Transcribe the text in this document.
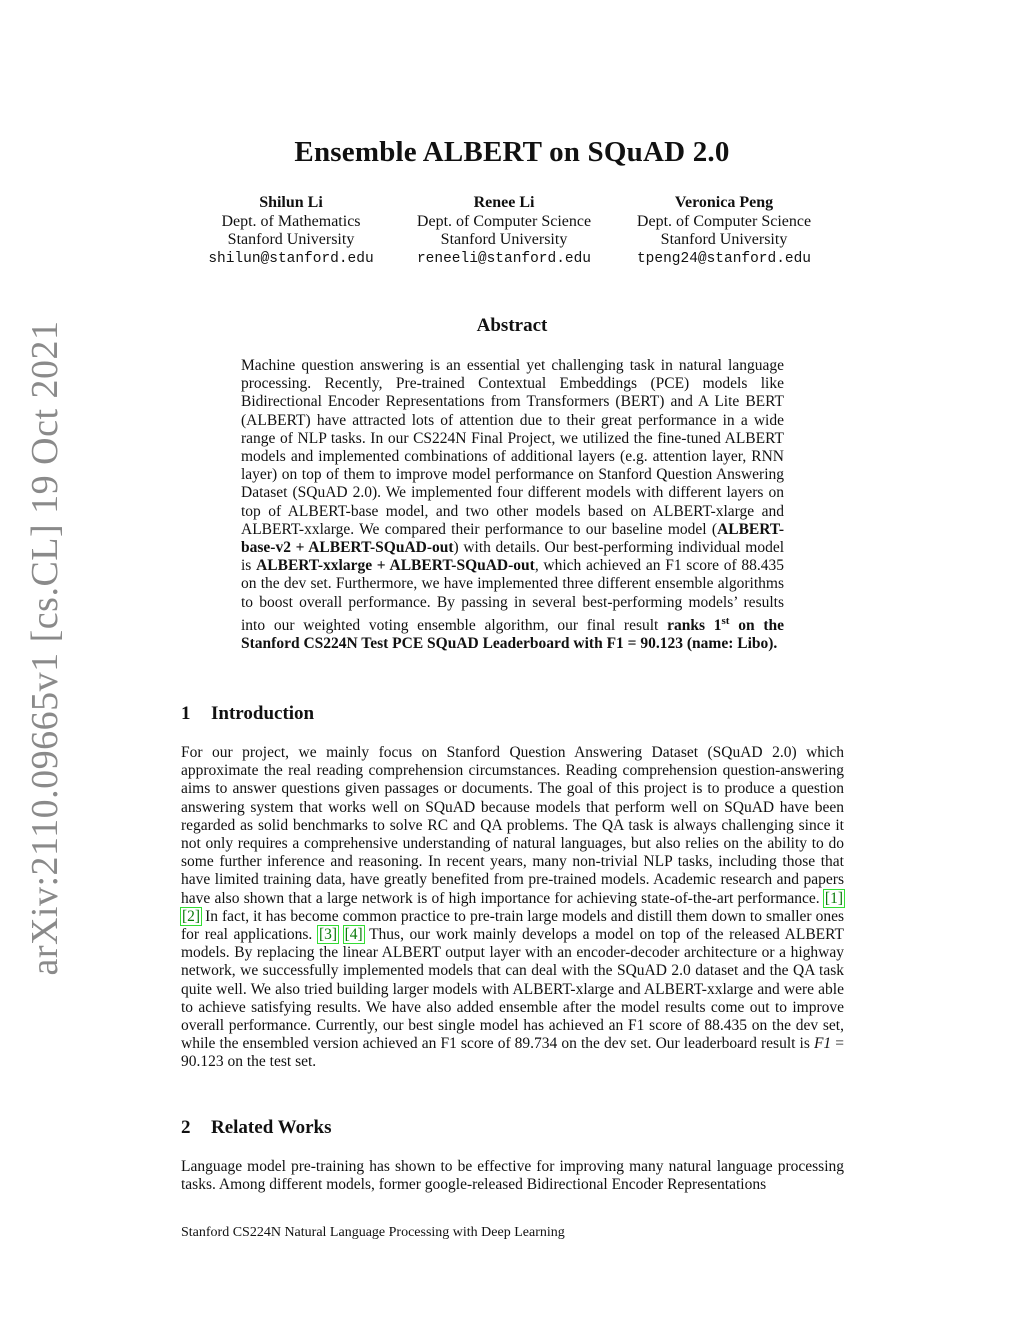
arXiv:2110.09665v1 [cs.CL] 19 Oct 2021
Ensemble ALBERT on SQuAD 2.0
Shilun Li
Dept. of Mathematics
Stanford University
shilun@stanford.edu
Renee Li
Dept. of Computer Science
Stanford University
reneeli@stanford.edu
Veronica Peng
Dept. of Computer Science
Stanford University
tpeng24@stanford.edu
Abstract
Machine question answering is an essential yet challenging task in natural language processing. Recently, Pre-trained Contextual Embeddings (PCE) models like Bidirectional Encoder Representations from Transformers (BERT) and A Lite BERT (ALBERT) have attracted lots of attention due to their great performance in a wide range of NLP tasks. In our CS224N Final Project, we utilized the fine-tuned ALBERT models and implemented combinations of additional layers (e.g. attention layer, RNN layer) on top of them to improve model performance on Stanford Question Answering Dataset (SQuAD 2.0). We implemented four different models with different layers on top of ALBERT-base model, and two other models based on ALBERT-xlarge and ALBERT-xxlarge. We compared their performance to our baseline model (ALBERT-base-v2 + ALBERT-SQuAD-out) with details. Our best-performing individual model is ALBERT-xxlarge + ALBERT-SQuAD-out, which achieved an F1 score of 88.435 on the dev set. Furthermore, we have implemented three different ensemble algorithms to boost overall performance. By passing in several best-performing models’ results into our weighted voting ensemble algorithm, our final result ranks 1st on the Stanford CS224N Test PCE SQuAD Leaderboard with F1 = 90.123 (name: Libo).
1 Introduction
For our project, we mainly focus on Stanford Question Answering Dataset (SQuAD 2.0) which approximate the real reading comprehension circumstances. Reading comprehension question-answering aims to answer questions given passages or documents. The goal of this project is to produce a question answering system that works well on SQuAD because models that perform well on SQuAD have been regarded as solid benchmarks to solve RC and QA problems. The QA task is always challenging since it not only requires a comprehensive understanding of natural languages, but also relies on the ability to do some further inference and reasoning. In recent years, many non-trivial NLP tasks, including those that have limited training data, have greatly benefited from pre-trained models. Academic research and papers have also shown that a large network is of high importance for achieving state-of-the-art performance. [1] [2] In fact, it has become common practice to pre-train large models and distill them down to smaller ones for real applications. [3] [4] Thus, our work mainly develops a model on top of the released ALBERT models. By replacing the linear ALBERT output layer with an encoder-decoder architecture or a highway network, we successfully implemented models that can deal with the SQuAD 2.0 dataset and the QA task quite well. We also tried building larger models with ALBERT-xlarge and ALBERT-xxlarge and were able to achieve satisfying results. We have also added ensemble after the model results come out to improve overall performance. Currently, our best single model has achieved an F1 score of 88.435 on the dev set, while the ensembled version achieved an F1 score of 89.734 on the dev set. Our leaderboard result is F1 = 90.123 on the test set.
2 Related Works
Language model pre-training has shown to be effective for improving many natural language processing tasks. Among different models, former google-released Bidirectional Encoder Representations
Stanford CS224N Natural Language Processing with Deep Learning
